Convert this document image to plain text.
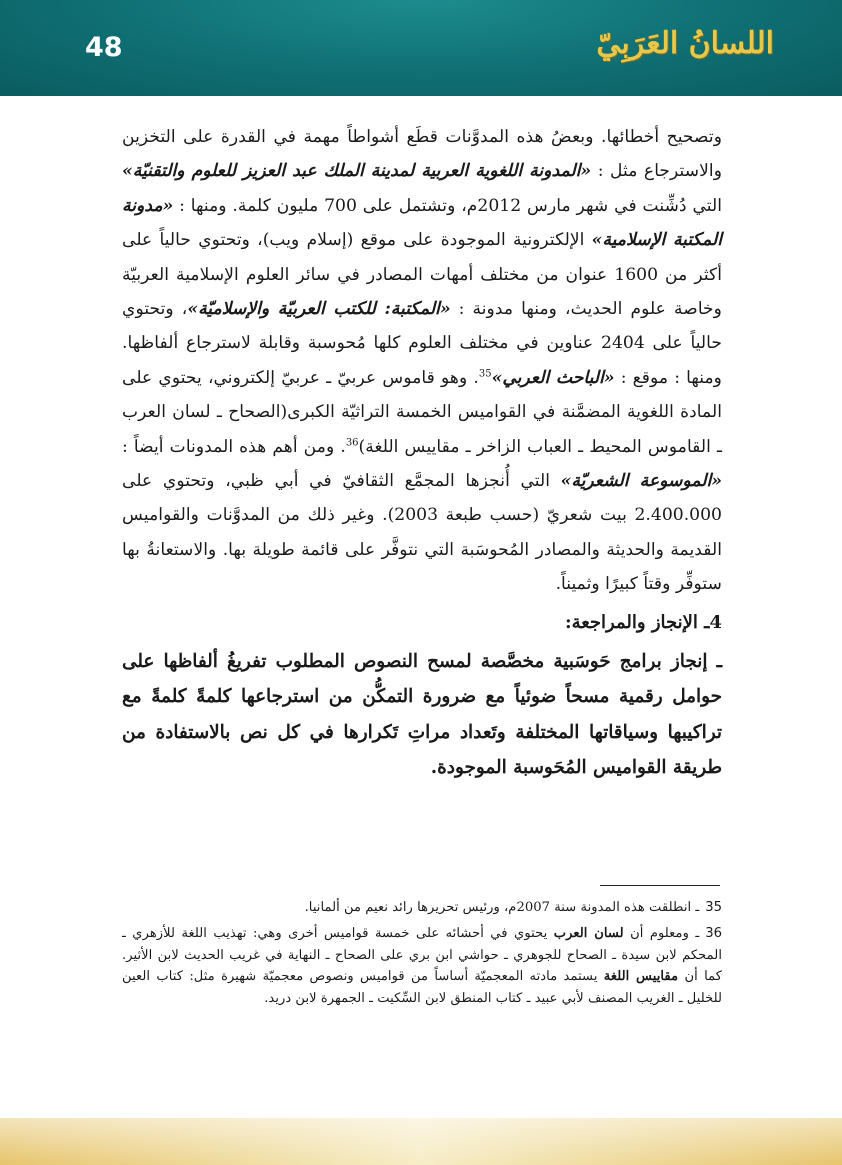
48	اللسانُ العَرَبِيّ

وتصحيح أخطائها. وبعضُ هذه المدوَّنات قطَع أشواطاً مهمة في القدرة على التخزين والاسترجاع مثل : «المدونة اللغوية العربية لمدينة الملك عبد العزيز للعلوم والتقنيّة» التي دُشِّنت في شهر مارس 2012م، وتشتمل على 700 مليون كلمة. ومنها : «مدونة المكتبة الإسلامية» الإلكترونية الموجودة على موقع (إسلام ويب)، وتحتوي حالياً على أكثر من 1600 عنوان من مختلف أمهات المصادر في سائر العلوم الإسلامية العربيّة وخاصة علوم الحديث، ومنها مدونة : «المكتبة: للكتب العربيّة والإسلاميّة»، وتحتوي حالياً على 2404 عناوين في مختلف العلوم كلها مُحوسبة وقابلة لاسترجاع ألفاظها. ومنها : موقع : «الباحث العربي»$^{35}$. وهو قاموس عربيّ ـ عربيّ إلكتروني، يحتوي على المادة اللغوية المضمَّنة في القواميس الخمسة التراثيّة الكبرى(الصحاح ـ لسان العرب ـ القاموس المحيط ـ العباب الزاخر ـ مقاييس اللغة)$^{36}$. ومن أهم هذه المدونات أيضاً : «الموسوعة الشعريّة» التي أُنجزها المجمَّع الثقافيّ في أبي ظبي، وتحتوي على 2.400.000 بيت شعريّ (حسب طبعة 2003). وغير ذلك من المدوَّنات والقواميس القديمة والحديثة والمصادر المُحوسَبة التي نتوفَّر على قائمة طويلة بها. والاستعانةُ بها ستوفِّر وقتاً كبيرًا وثميناً.

4ـ الإنجاز والمراجعة:

ـ إنجاز برامج حَوسَبية مخصَّصة لمسح النصوص المطلوب تفريغُ ألفاظها على حوامل رقمية مسحاً ضوئياً مع ضرورة التمكُّن من استرجاعها كلمةً كلمةً مع تراكيبها وسياقاتها المختلفة وتَعداد مراتِ تَكرارها في كل نص بالاستفادة من طريقة القواميس المُحَوسبة الموجودة.

35ـ انطلقت هذه المدونة سنة 2007م، ورئيس تحريرها رائد نعيم من ألمانيا.

36ـ ومعلوم أن لسان العرب يحتوي في أحشائه على خمسة قواميس أخرى وهي: تهذيب اللغة للأزهري ـ المحكم لابن سيدة ـ الصحاح للجوهري ـ حواشي ابن بري على الصحاح ـ النهاية في غريب الحديث لابن الأثير. كما أن مقاييس اللغة يستمد مادته المعجميّة أساساً من قواميس ونصوص معجميّة شهيرة مثل: كتاب العين للخليل ـ الغريب المصنف لأبي عبيد ـ كتاب المنطق لابن السِّكيت ـ الجمهرة لابن دريد.
